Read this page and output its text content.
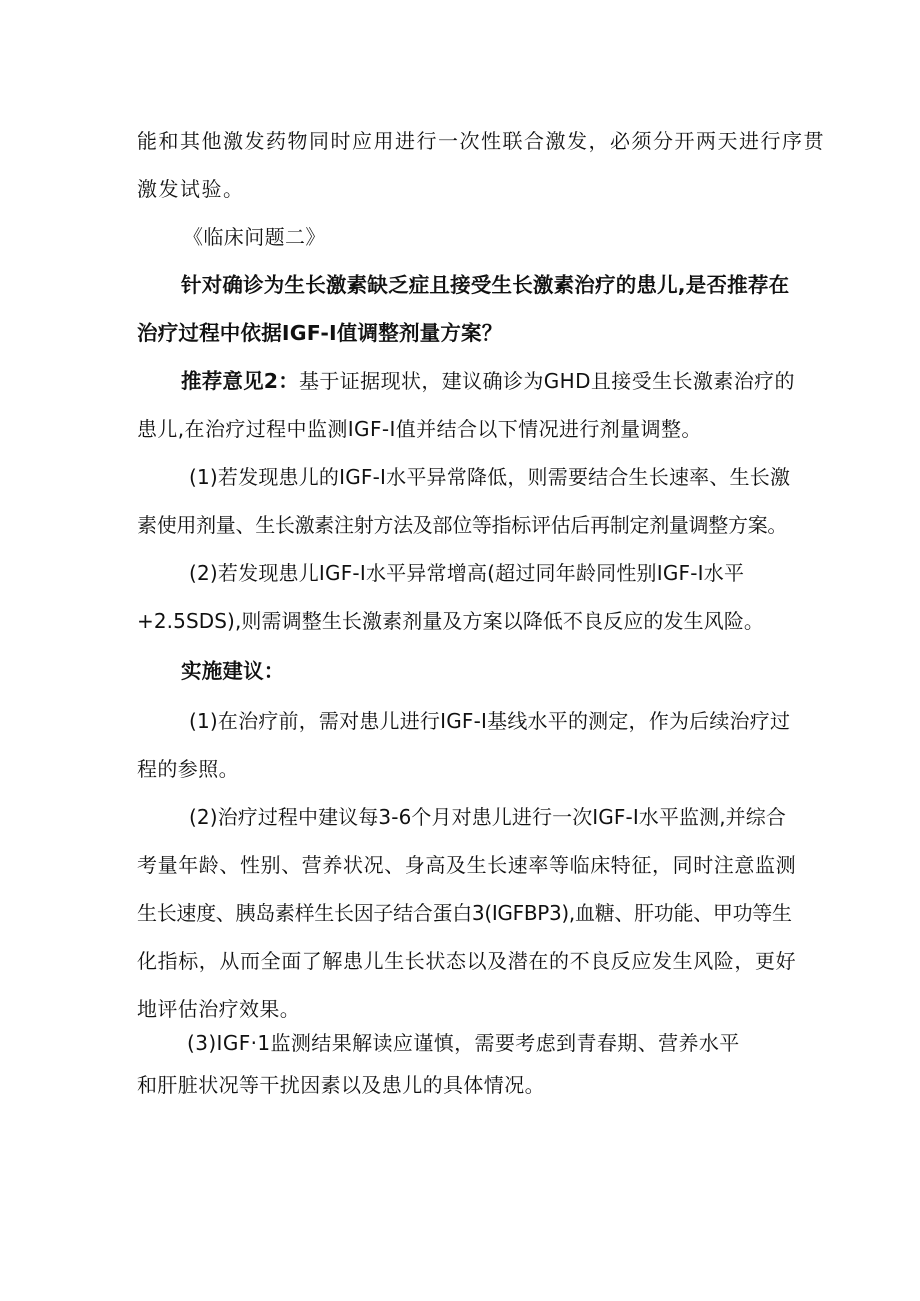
能和其他激发药物同时应用进行一次性联合激发，必须分开两天进行序贯
激发试验。
《临床问题二》
针对确诊为生长激素缺乏症且接受生长激素治疗的患儿,是否推荐在
治疗过程中依据IGF-I值调整剂量方案？
推荐意见2：基于证据现状，建议确诊为GHD且接受生长激素治疗的
患儿,在治疗过程中监测IGF-I值并结合以下情况进行剂量调整。
(1)若发现患儿的IGF-I水平异常降低，则需要结合生长速率、生长激
素使用剂量、生长激素注射方法及部位等指标评估后再制定剂量调整方案。
(2)若发现患儿IGF-I水平异常增高(超过同年龄同性别IGF-I水平
+2.5SDS),则需调整生长激素剂量及方案以降低不良反应的发生风险。
实施建议：
(1)在治疗前，需对患儿进行IGF-I基线水平的测定，作为后续治疗过
程的参照。
(2)治疗过程中建议每3-6个月对患儿进行一次IGF-I水平监测,并综合
考量年龄、性别、营养状况、身高及生长速率等临床特征，同时注意监测
生长速度、胰岛素样生长因子结合蛋白3(IGFBP3),血糖、肝功能、甲功等生
化指标，从而全面了解患儿生长状态以及潜在的不良反应发生风险，更好
地评估治疗效果。
(3)IGF·1监测结果解读应谨慎，需要考虑到青春期、营养水平
和肝脏状况等干扰因素以及患儿的具体情况。
